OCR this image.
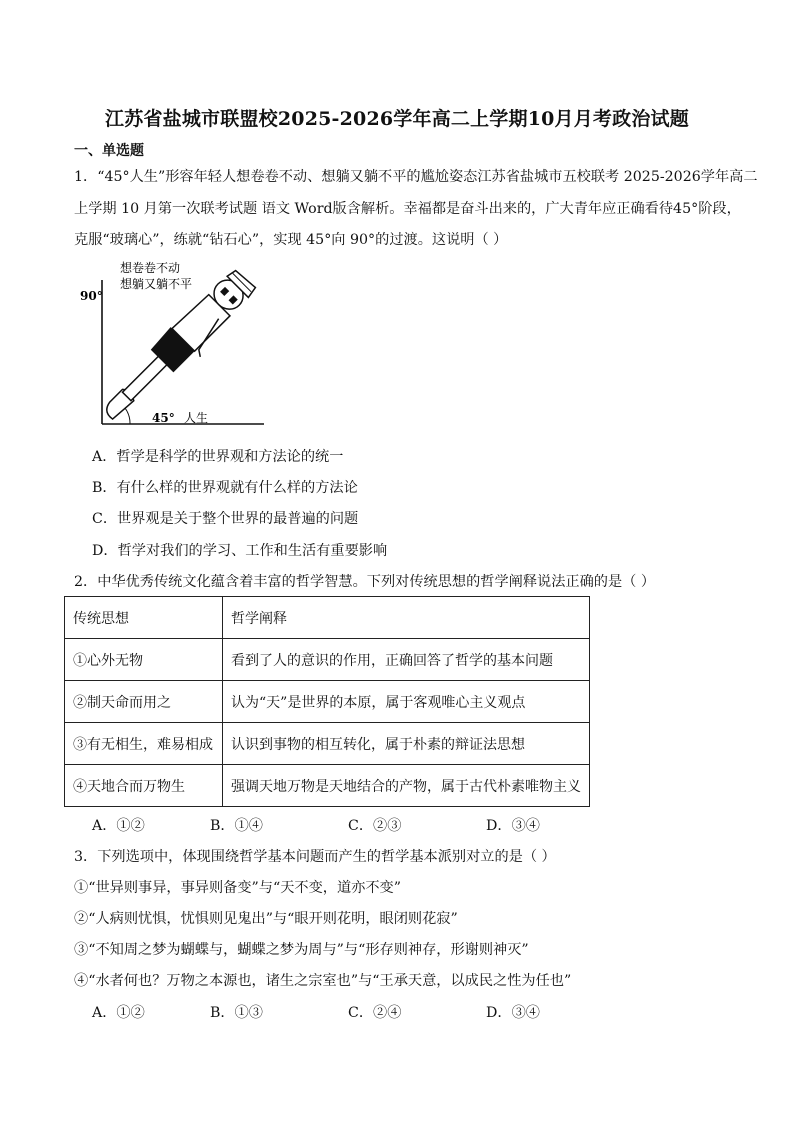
江苏省盐城市联盟校2025-2026学年高二上学期10月月考政治试题
一、单选题
1．“45°人生”形容年轻人想卷卷不动、想躺又躺不平的尴尬姿态江苏省盐城市五校联考 2025-2026学年高二
上学期 10 月第一次联考试题 语文 Word版含解析。幸福都是奋斗出来的，广大青年应正确看待45°阶段，
克服“玻璃心”，练就“钻石心”，实现 45°向 90°的过渡。这说明（ ）
90°
想卷卷不动
想躺又躺不平
45° 人生
A．哲学是科学的世界观和方法论的统一
B．有什么样的世界观就有什么样的方法论
C．世界观是关于整个世界的最普遍的问题
D．哲学对我们的学习、工作和生活有重要影响
2．中华优秀传统文化蕴含着丰富的哲学智慧。下列对传统思想的哲学阐释说法正确的是（ ）
传统思想	哲学阐释
①心外无物	看到了人的意识的作用，正确回答了哲学的基本问题
②制天命而用之	认为“天”是世界的本原，属于客观唯心主义观点
③有无相生，难易相成	认识到事物的相互转化，属于朴素的辩证法思想
④天地合而万物生	强调天地万物是天地结合的产物，属于古代朴素唯物主义
A．①②	B．①④	C．②③	D．③④
3．下列选项中，体现围绕哲学基本问题而产生的哲学基本派别对立的是（ ）
①“世异则事异，事异则备变”与“天不变，道亦不变”
②“人病则忧惧，忧惧则见鬼出”与“眼开则花明，眼闭则花寂”
③“不知周之梦为蝴蝶与，蝴蝶之梦为周与”与“形存则神存，形谢则神灭”
④“水者何也？万物之本源也，诸生之宗室也”与“王承天意，以成民之性为任也”
A．①②	B．①③	C．②④	D．③④
